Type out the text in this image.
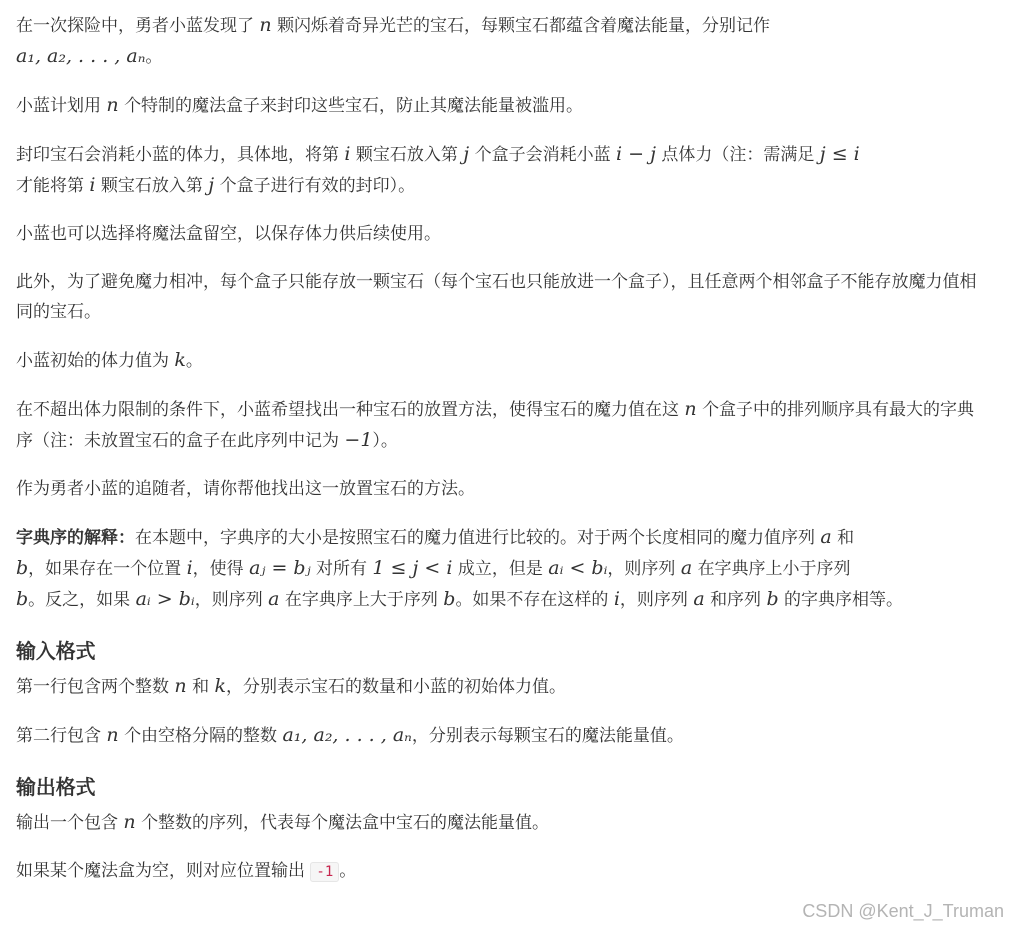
在一次探险中，勇者小蓝发现了 n 颗闪烁着奇异光芒的宝石，每颗宝石都蕴含着魔法能量，分别记作
a₁, a₂, . . . , aₙ。

小蓝计划用 n 个特制的魔法盒子来封印这些宝石，防止其魔法能量被滥用。

封印宝石会消耗小蓝的体力，具体地，将第 i 颗宝石放入第 j 个盒子会消耗小蓝 i − j 点体力（注：需满足 j ≤ i
才能将第 i 颗宝石放入第 j 个盒子进行有效的封印）。

小蓝也可以选择将魔法盒留空，以保存体力供后续使用。

此外，为了避免魔力相冲，每个盒子只能存放一颗宝石（每个宝石也只能放进一个盒子），且任意两个相邻盒子不能存放魔力值相同的宝石。

小蓝初始的体力值为 k。

在不超出体力限制的条件下，小蓝希望找出一种宝石的放置方法，使得宝石的魔力值在这 n 个盒子中的排列顺序具有最大的字典序（注：未放置宝石的盒子在此序列中记为 −1）。

作为勇者小蓝的追随者，请你帮他找出这一放置宝石的方法。

字典序的解释：在本题中，字典序的大小是按照宝石的魔力值进行比较的。对于两个长度相同的魔力值序列 a 和
b，如果存在一个位置 i，使得 aⱼ = bⱼ 对所有 1 ≤ j < i 成立，但是 aᵢ < bᵢ，则序列 a 在字典序上小于序列
b。反之，如果 aᵢ > bᵢ，则序列 a 在字典序上大于序列 b。如果不存在这样的 i，则序列 a 和序列 b 的字典序相等。

输入格式

第一行包含两个整数 n 和 k，分别表示宝石的数量和小蓝的初始体力值。

第二行包含 n 个由空格分隔的整数 a₁, a₂, . . . , aₙ，分别表示每颗宝石的魔法能量值。

输出格式

输出一个包含 n 个整数的序列，代表每个魔法盒中宝石的魔法能量值。

如果某个魔法盒为空，则对应位置输出 -1 。

CSDN @Kent_J_Truman
